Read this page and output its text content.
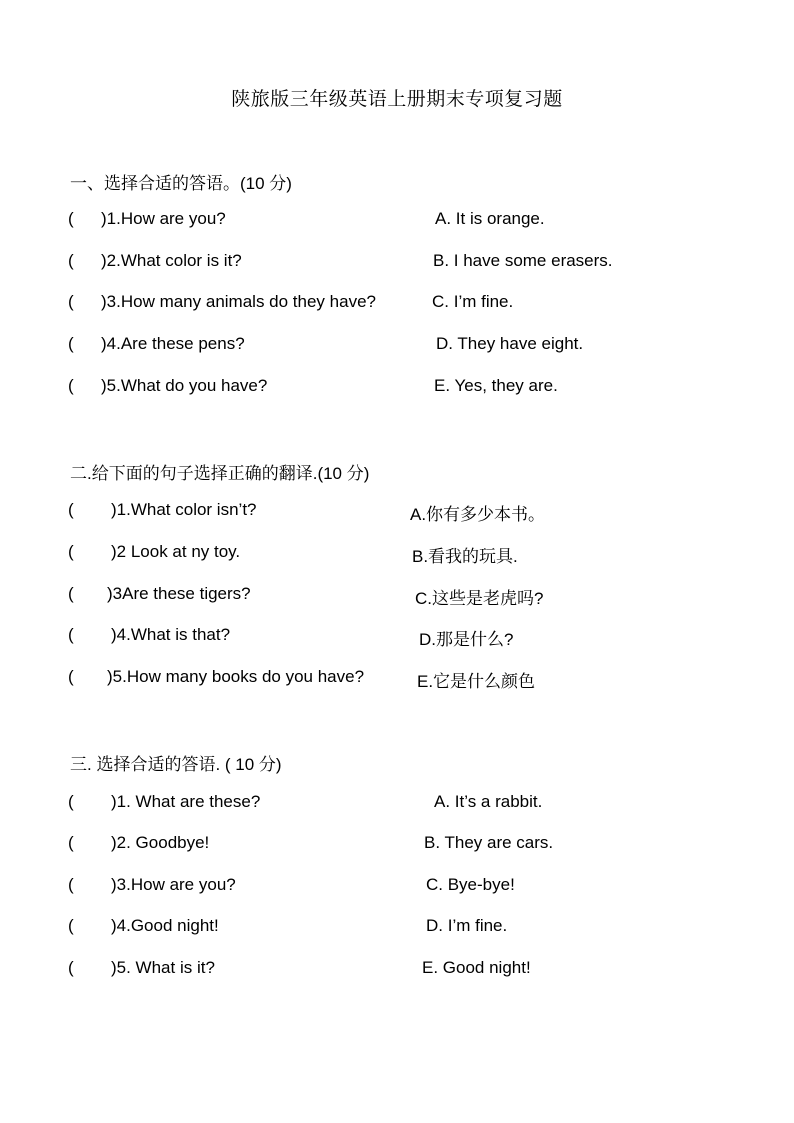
陕旅版三年级英语上册期末专项复习题
一、选择合适的答语。(10 分)
( )1.How are you?	A. It is orange.
( )2.What color is it?	B. I have some erasers.
( )3.How many animals do they have?	C. I’m fine.
( )4.Are these pens?	D. They have eight.
( )5.What do you have?	E. Yes, they are.
二.给下面的句子选择正确的翻译.(10 分)
( )1.What color isn’t?	A.你有多少本书。
( )2 Look at ny toy.	B.看我的玩具.
( )3Are these tigers?	C.这些是老虎吗?
( )4.What is that?	D.那是什么?
( )5.How many books do you have?	E.它是什么颜色
三. 选择合适的答语. ( 10 分)
( )1. What are these?	A. It’s a rabbit.
( )2. Goodbye!	B. They are cars.
( )3.How are you?	C. Bye-bye!
( )4.Good night!	D. I’m fine.
( )5. What is it?	E. Good night!
